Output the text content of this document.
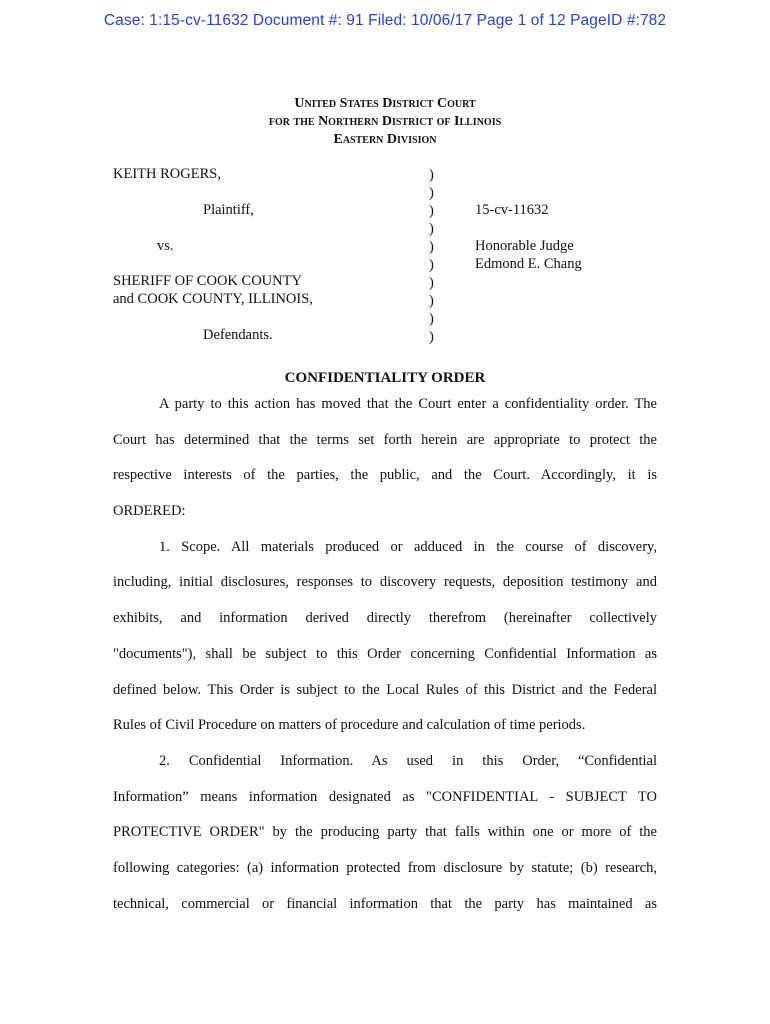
Case: 1:15-cv-11632 Document #: 91 Filed: 10/06/17 Page 1 of 12 PageID #:782
United States District Court
for the Northern District of Illinois
Eastern Division
KEITH ROGERS,
Plaintiff,
vs.
SHERIFF OF COOK COUNTY
and COOK COUNTY, ILLINOIS,
Defendants.
)
)
)
)
)
)
)
)
)
)
15-cv-11632
Honorable Judge
Edmond E. Chang
CONFIDENTIALITY ORDER
A party to this action has moved that the Court enter a confidentiality order. The
Court has determined that the terms set forth herein are appropriate to protect the
respective interests of the parties, the public, and the Court. Accordingly, it is
ORDERED:
1. Scope. All materials produced or adduced in the course of discovery,
including, initial disclosures, responses to discovery requests, deposition testimony and
exhibits, and information derived directly therefrom (hereinafter collectively
"documents"), shall be subject to this Order concerning Confidential Information as
defined below. This Order is subject to the Local Rules of this District and the Federal
Rules of Civil Procedure on matters of procedure and calculation of time periods.
2. Confidential Information. As used in this Order, “Confidential
Information” means information designated as "CONFIDENTIAL - SUBJECT TO
PROTECTIVE ORDER" by the producing party that falls within one or more of the
following categories: (a) information protected from disclosure by statute; (b) research,
technical, commercial or financial information that the party has maintained as
